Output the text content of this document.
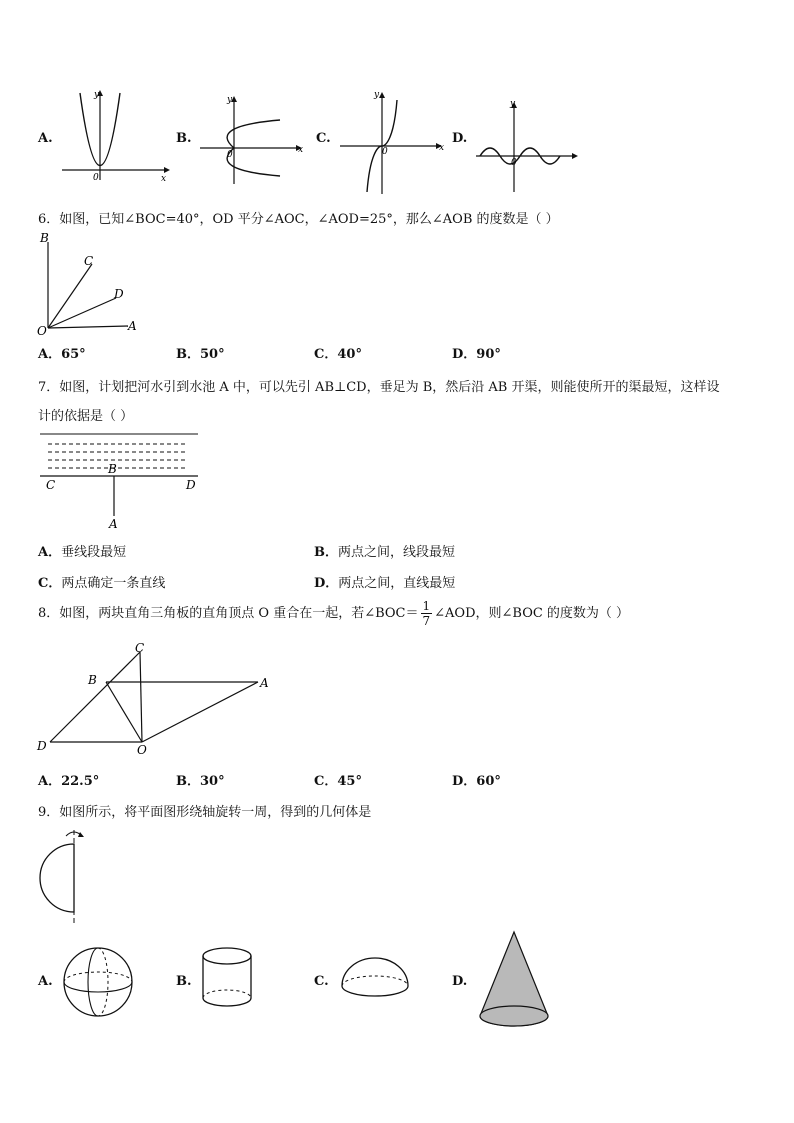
A.
y
x
0
B.
y
x
0
C.
y
x
0
D.
y
0
6．如图，已知∠BOC=40°，OD 平分∠AOC，∠AOD=25°，那么∠AOB 的度数是（ ）
B
C
D
O	A
A．65°	B．50°	C．40°	D．90°
7．如图，计划把河水引到水池 A 中，可以先引 AB⊥CD，垂足为 B，然后沿 AB 开渠，则能使所开的渠最短，这样设
计的依据是（ ）
B
C	D
A
A．垂线段最短	B．两点之间，线段最短
C．两点确定一条直线	D．两点之间，直线最短
8．如图，两块直角三角板的直角顶点 O 重合在一起，若∠BOC＝ $\frac{1}{7}$ ∠AOD，则∠BOC 的度数为（ ）
C
B	A
D	O
A．22.5°	B．30°	C．45°	D．60°
9．如图所示，将平面图形绕轴旋转一周，得到的几何体是
A.	B.	C.	D.
